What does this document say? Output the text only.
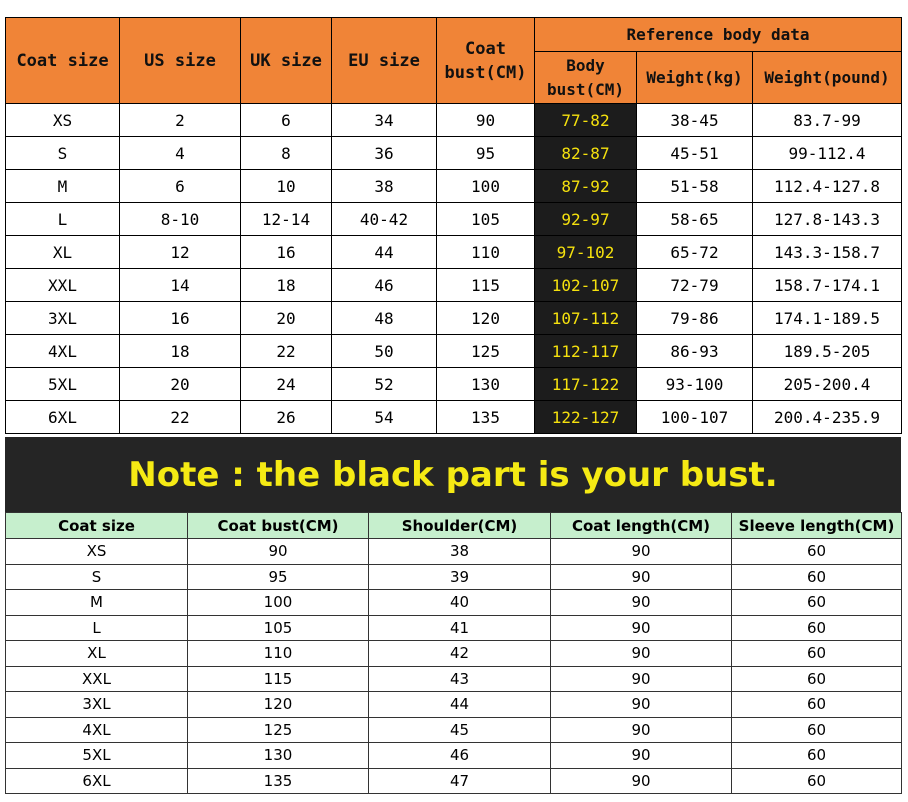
Coat size	US size	UK size	EU size	Coat bust(CM)	Reference body data		
					Body bust(CM)	Weight(kg)	Weight(pound)
XS	2	6	34	90	77-82	38-45	83.7-99
S	4	8	36	95	82-87	45-51	99-112.4
M	6	10	38	100	87-92	51-58	112.4-127.8
L	8-10	12-14	40-42	105	92-97	58-65	127.8-143.3
XL	12	16	44	110	97-102	65-72	143.3-158.7
XXL	14	18	46	115	102-107	72-79	158.7-174.1
3XL	16	20	48	120	107-112	79-86	174.1-189.5
4XL	18	22	50	125	112-117	86-93	189.5-205
5XL	20	24	52	130	117-122	93-100	205-200.4
6XL	22	26	54	135	122-127	100-107	200.4-235.9
Note : the black part is your bust.
Coat size	Coat bust(CM)	Shoulder(CM)	Coat length(CM)	Sleeve length(CM)
XS	90	38	90	60
S	95	39	90	60
M	100	40	90	60
L	105	41	90	60
XL	110	42	90	60
XXL	115	43	90	60
3XL	120	44	90	60
4XL	125	45	90	60
5XL	130	46	90	60
6XL	135	47	90	60
